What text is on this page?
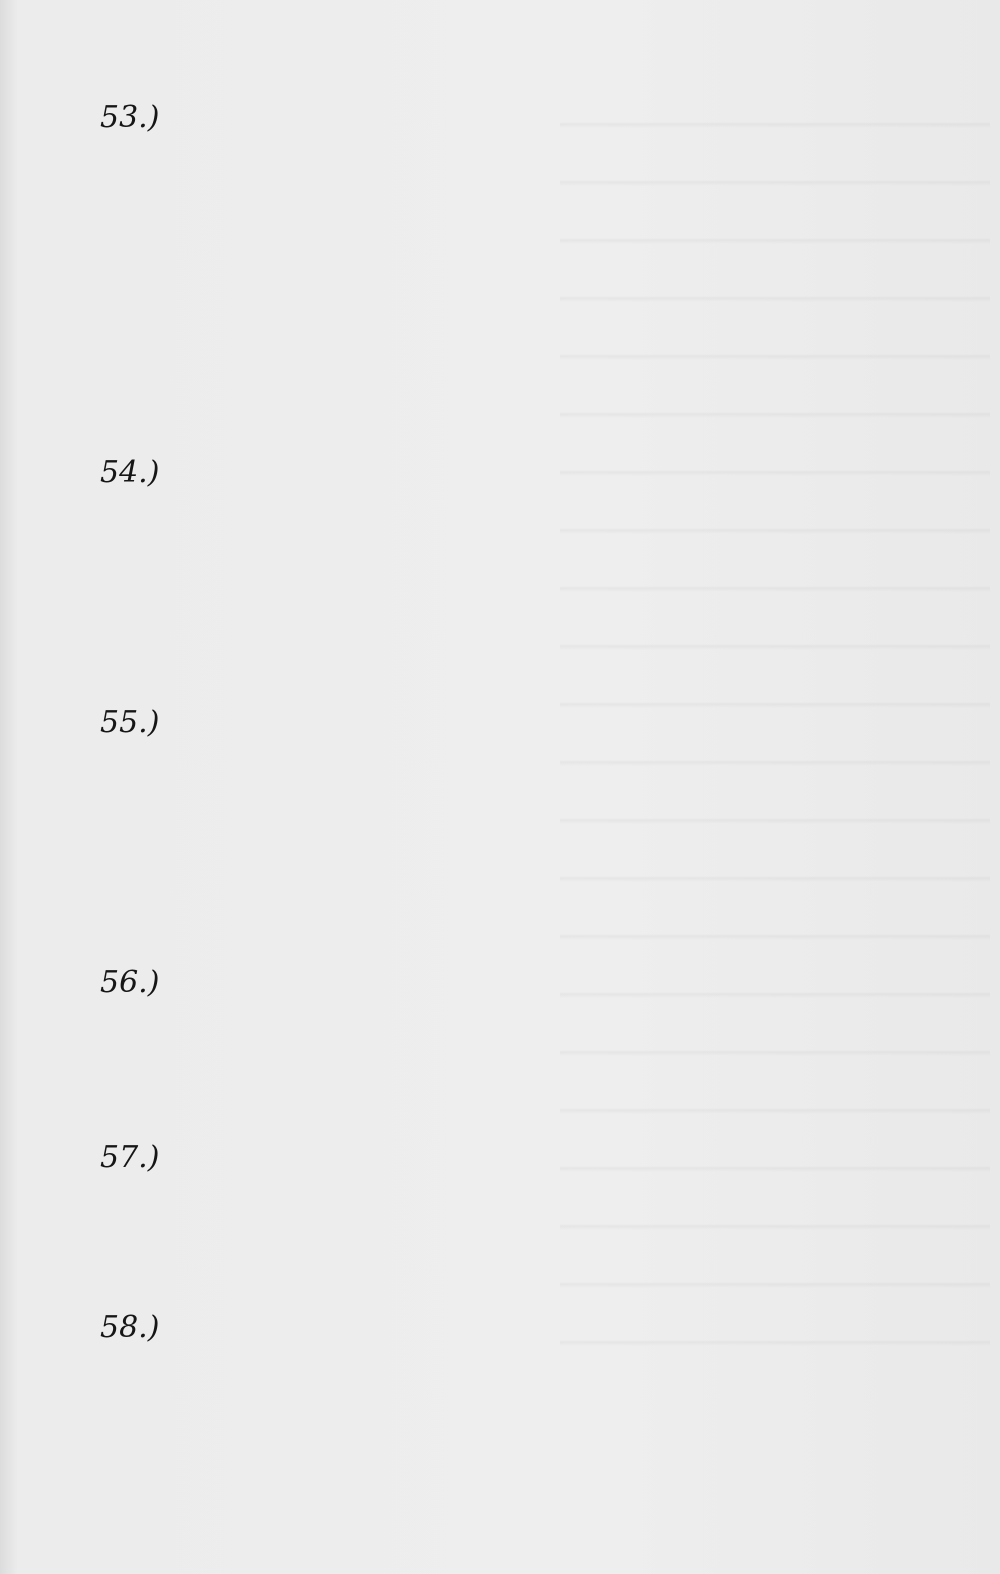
53.)
54.)
55.)
56.)
57.)
58.)
